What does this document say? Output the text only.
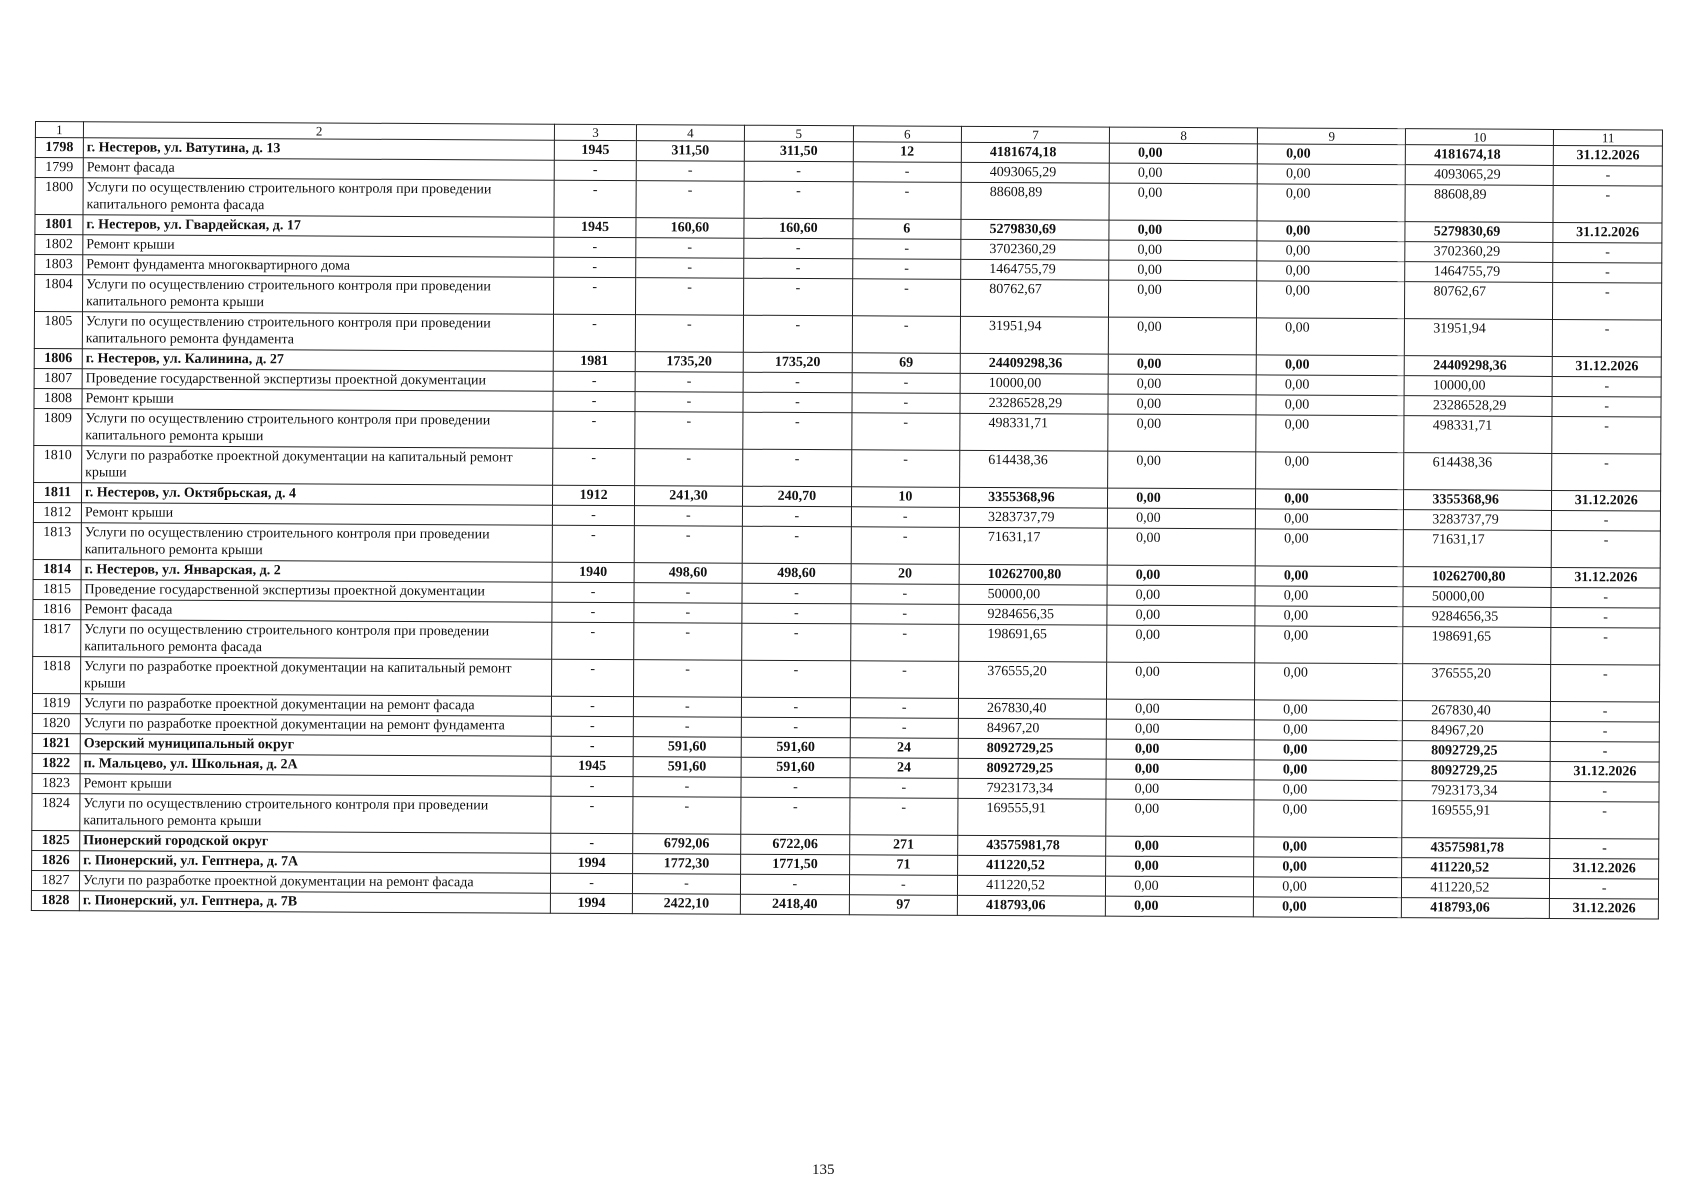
1	2	3	4	5	6	7	8	9	10	11
1798	г. Нестеров, ул. Ватутина, д. 13	1945	311,50	311,50	12	4181674,18	0,00	0,00	4181674,18	31.12.2026
1799	Ремонт фасада	-	-	-	-	4093065,29	0,00	0,00	4093065,29	-
1800	Услуги по осуществлению строительного контроля при проведении капитального ремонта фасада	-	-	-	-	88608,89	0,00	0,00	88608,89	-
1801	г. Нестеров, ул. Гвардейская, д. 17	1945	160,60	160,60	6	5279830,69	0,00	0,00	5279830,69	31.12.2026
1802	Ремонт крыши	-	-	-	-	3702360,29	0,00	0,00	3702360,29	-
1803	Ремонт фундамента многоквартирного дома	-	-	-	-	1464755,79	0,00	0,00	1464755,79	-
1804	Услуги по осуществлению строительного контроля при проведении капитального ремонта крыши	-	-	-	-	80762,67	0,00	0,00	80762,67	-
1805	Услуги по осуществлению строительного контроля при проведении капитального ремонта фундамента	-	-	-	-	31951,94	0,00	0,00	31951,94	-
1806	г. Нестеров, ул. Калинина, д. 27	1981	1735,20	1735,20	69	24409298,36	0,00	0,00	24409298,36	31.12.2026
1807	Проведение государственной экспертизы проектной документации	-	-	-	-	10000,00	0,00	0,00	10000,00	-
1808	Ремонт крыши	-	-	-	-	23286528,29	0,00	0,00	23286528,29	-
1809	Услуги по осуществлению строительного контроля при проведении капитального ремонта крыши	-	-	-	-	498331,71	0,00	0,00	498331,71	-
1810	Услуги по разработке проектной документации на капитальный ремонт крыши	-	-	-	-	614438,36	0,00	0,00	614438,36	-
1811	г. Нестеров, ул. Октябрьская, д. 4	1912	241,30	240,70	10	3355368,96	0,00	0,00	3355368,96	31.12.2026
1812	Ремонт крыши	-	-	-	-	3283737,79	0,00	0,00	3283737,79	-
1813	Услуги по осуществлению строительного контроля при проведении капитального ремонта крыши	-	-	-	-	71631,17	0,00	0,00	71631,17	-
1814	г. Нестеров, ул. Январская, д. 2	1940	498,60	498,60	20	10262700,80	0,00	0,00	10262700,80	31.12.2026
1815	Проведение государственной экспертизы проектной документации	-	-	-	-	50000,00	0,00	0,00	50000,00	-
1816	Ремонт фасада	-	-	-	-	9284656,35	0,00	0,00	9284656,35	-
1817	Услуги по осуществлению строительного контроля при проведении капитального ремонта фасада	-	-	-	-	198691,65	0,00	0,00	198691,65	-
1818	Услуги по разработке проектной документации на капитальный ремонт крыши	-	-	-	-	376555,20	0,00	0,00	376555,20	-
1819	Услуги по разработке проектной документации на ремонт фасада	-	-	-	-	267830,40	0,00	0,00	267830,40	-
1820	Услуги по разработке проектной документации на ремонт фундамента	-	-	-	-	84967,20	0,00	0,00	84967,20	-
1821	Озерский муниципальный округ	-	591,60	591,60	24	8092729,25	0,00	0,00	8092729,25	-
1822	п. Мальцево, ул. Школьная, д. 2А	1945	591,60	591,60	24	8092729,25	0,00	0,00	8092729,25	31.12.2026
1823	Ремонт крыши	-	-	-	-	7923173,34	0,00	0,00	7923173,34	-
1824	Услуги по осуществлению строительного контроля при проведении капитального ремонта крыши	-	-	-	-	169555,91	0,00	0,00	169555,91	-
1825	Пионерский городской округ	-	6792,06	6722,06	271	43575981,78	0,00	0,00	43575981,78	-
1826	г. Пионерский, ул. Гептнера, д. 7А	1994	1772,30	1771,50	71	411220,52	0,00	0,00	411220,52	31.12.2026
1827	Услуги по разработке проектной документации на ремонт фасада	-	-	-	-	411220,52	0,00	0,00	411220,52	-
1828	г. Пионерский, ул. Гептнера, д. 7В	1994	2422,10	2418,40	97	418793,06	0,00	0,00	418793,06	31.12.2026
135
